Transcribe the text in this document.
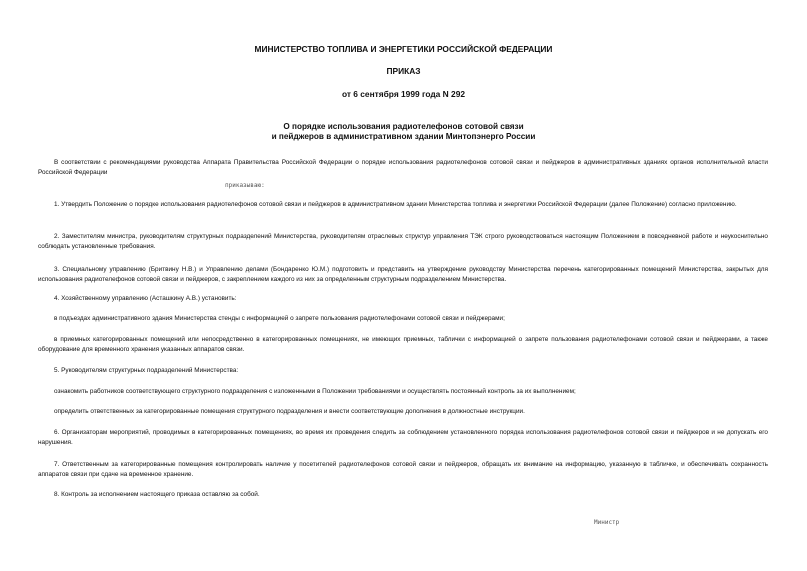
МИНИСТЕРСТВО ТОПЛИВА И ЭНЕРГЕТИКИ РОССИЙСКОЙ ФЕДЕРАЦИИ
ПРИКАЗ
от 6 сентября 1999 года N 292
О порядке использования радиотелефонов сотовой связи
и пейджеров в административном здании Минтопэнерго России
В соответствии с рекомендациями руководства Аппарата Правительства Российской Федерации о порядке использования радиотелефонов сотовой связи и пейджеров в административных зданиях органов исполнительной власти Российской Федерации
приказываю:
1. Утвердить Положение о порядке использования радиотелефонов сотовой связи и пейджеров в административном здании Министерства топлива и энергетики Российской Федерации (далее Положение) согласно приложению.
2. Заместителям министра, руководителям структурных подразделений Министерства, руководителям отраслевых структур управления ТЭК строго руководствоваться настоящим Положением в повседневной работе и неукоснительно соблюдать установленные требования.
3. Специальному управлению (Бритвину Н.В.) и Управлению делами (Бондаренко Ю.М.) подготовить и представить на утверждение руководству Министерства перечень категорированных помещений Министерства, закрытых для использования радиотелефонов сотовой связи и пейджеров, с закреплением каждого из них за определенным структурным подразделением Министерства.
4. Хозяйственному управлению (Асташкину А.В.) установить:
в подъездах административного здания Министерства стенды с информацией о запрете пользования радиотелефонами сотовой связи и пейджерами;
в приемных категорированных помещений или непосредственно в категорированных помещениях, не имеющих приемных, таблички с информацией о запрете пользования радиотелефонами сотовой связи и пейджерами, а также оборудование для временного хранения указанных аппаратов связи.
5. Руководителям структурных подразделений Министерства:
ознакомить работников соответствующего структурного подразделения с изложенными в Положении требованиями и осуществлять постоянный контроль за их выполнением;
определить ответственных за категорированные помещения структурного подразделения и внести соответствующие дополнения в должностные инструкции.
6. Организаторам мероприятий, проводимых в категорированных помещениях, во время их проведения следить за соблюдением установленного порядка использования радиотелефонов сотовой связи и пейджеров и не допускать его нарушения.
7. Ответственным за категорированные помещения контролировать наличие у посетителей радиотелефонов сотовой связи и пейджеров, обращать их внимание на информацию, указанную в табличке, и обеспечивать сохранность аппаратов связи при сдаче на временное хранение.
8. Контроль за исполнением настоящего приказа оставляю за собой.
Министр
